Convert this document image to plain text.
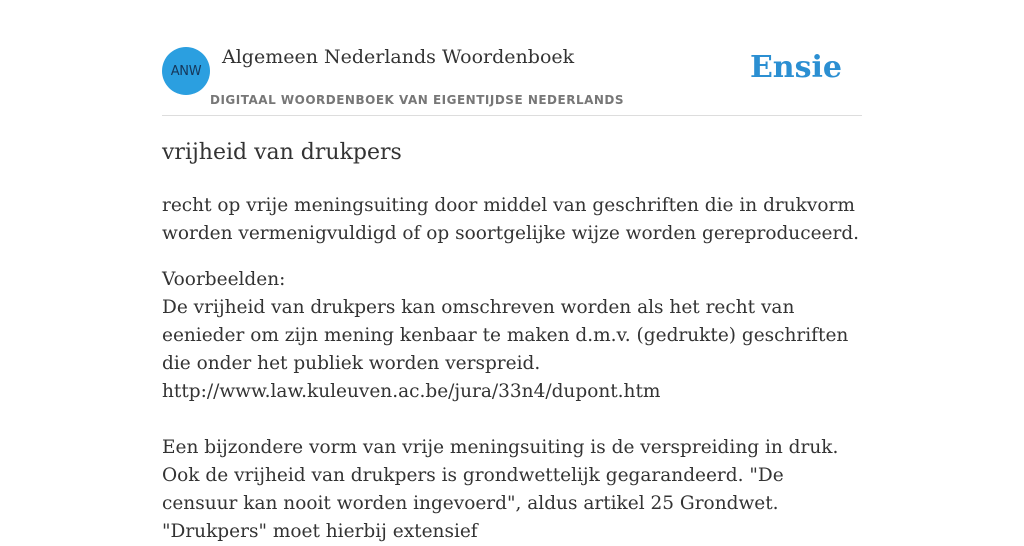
ANW
Algemeen Nederlands Woordenboek
DIGITAAL WOORDENBOEK VAN EIGENTIJDSE NEDERLANDS
Ensie
vrijheid van drukpers

recht op vrije meningsuiting door middel van geschriften die in drukvorm worden vermenigvuldigd of op soortgelijke wijze worden gereproduceerd.

Voorbeelden:

De vrijheid van drukpers kan omschreven worden als het recht van eenieder om zijn mening kenbaar te maken d.m.v. (gedrukte) geschriften die onder het publiek worden verspreid.

http://www.law.kuleuven.ac.be/jura/33n4/dupont.htm

Een bijzondere vorm van vrije meningsuiting is de verspreiding in druk. Ook de vrijheid van drukpers is grondwettelijk gegarandeerd. "De censuur kan nooit worden ingevoerd", aldus artikel 25 Grondwet. "Drukpers" moet hierbij extensief
